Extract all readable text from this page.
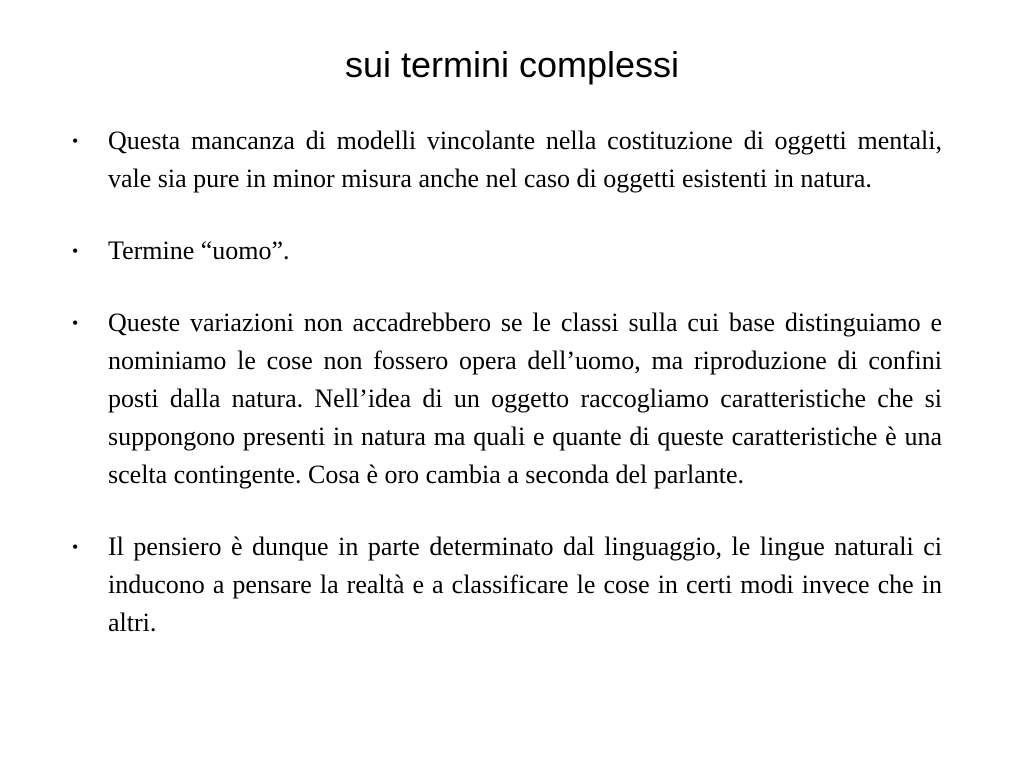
sui termini complessi
•	Questa mancanza di modelli vincolante nella costituzione di oggetti mentali, vale sia pure in minor misura anche nel caso di oggetti esistenti in natura.
•	Termine “uomo”.
•	Queste variazioni non accadrebbero se le classi sulla cui base distinguiamo e nominiamo le cose non fossero opera dell’uomo, ma riproduzione di confini posti dalla natura. Nell’idea di un oggetto raccogliamo caratteristiche che si suppongono presenti in natura ma quali e quante di queste caratteristiche è una scelta contingente. Cosa è oro cambia a seconda del parlante.
•	Il pensiero è dunque in parte determinato dal linguaggio, le lingue naturali ci inducono a pensare la realtà e a classificare le cose in certi modi invece che in altri.
